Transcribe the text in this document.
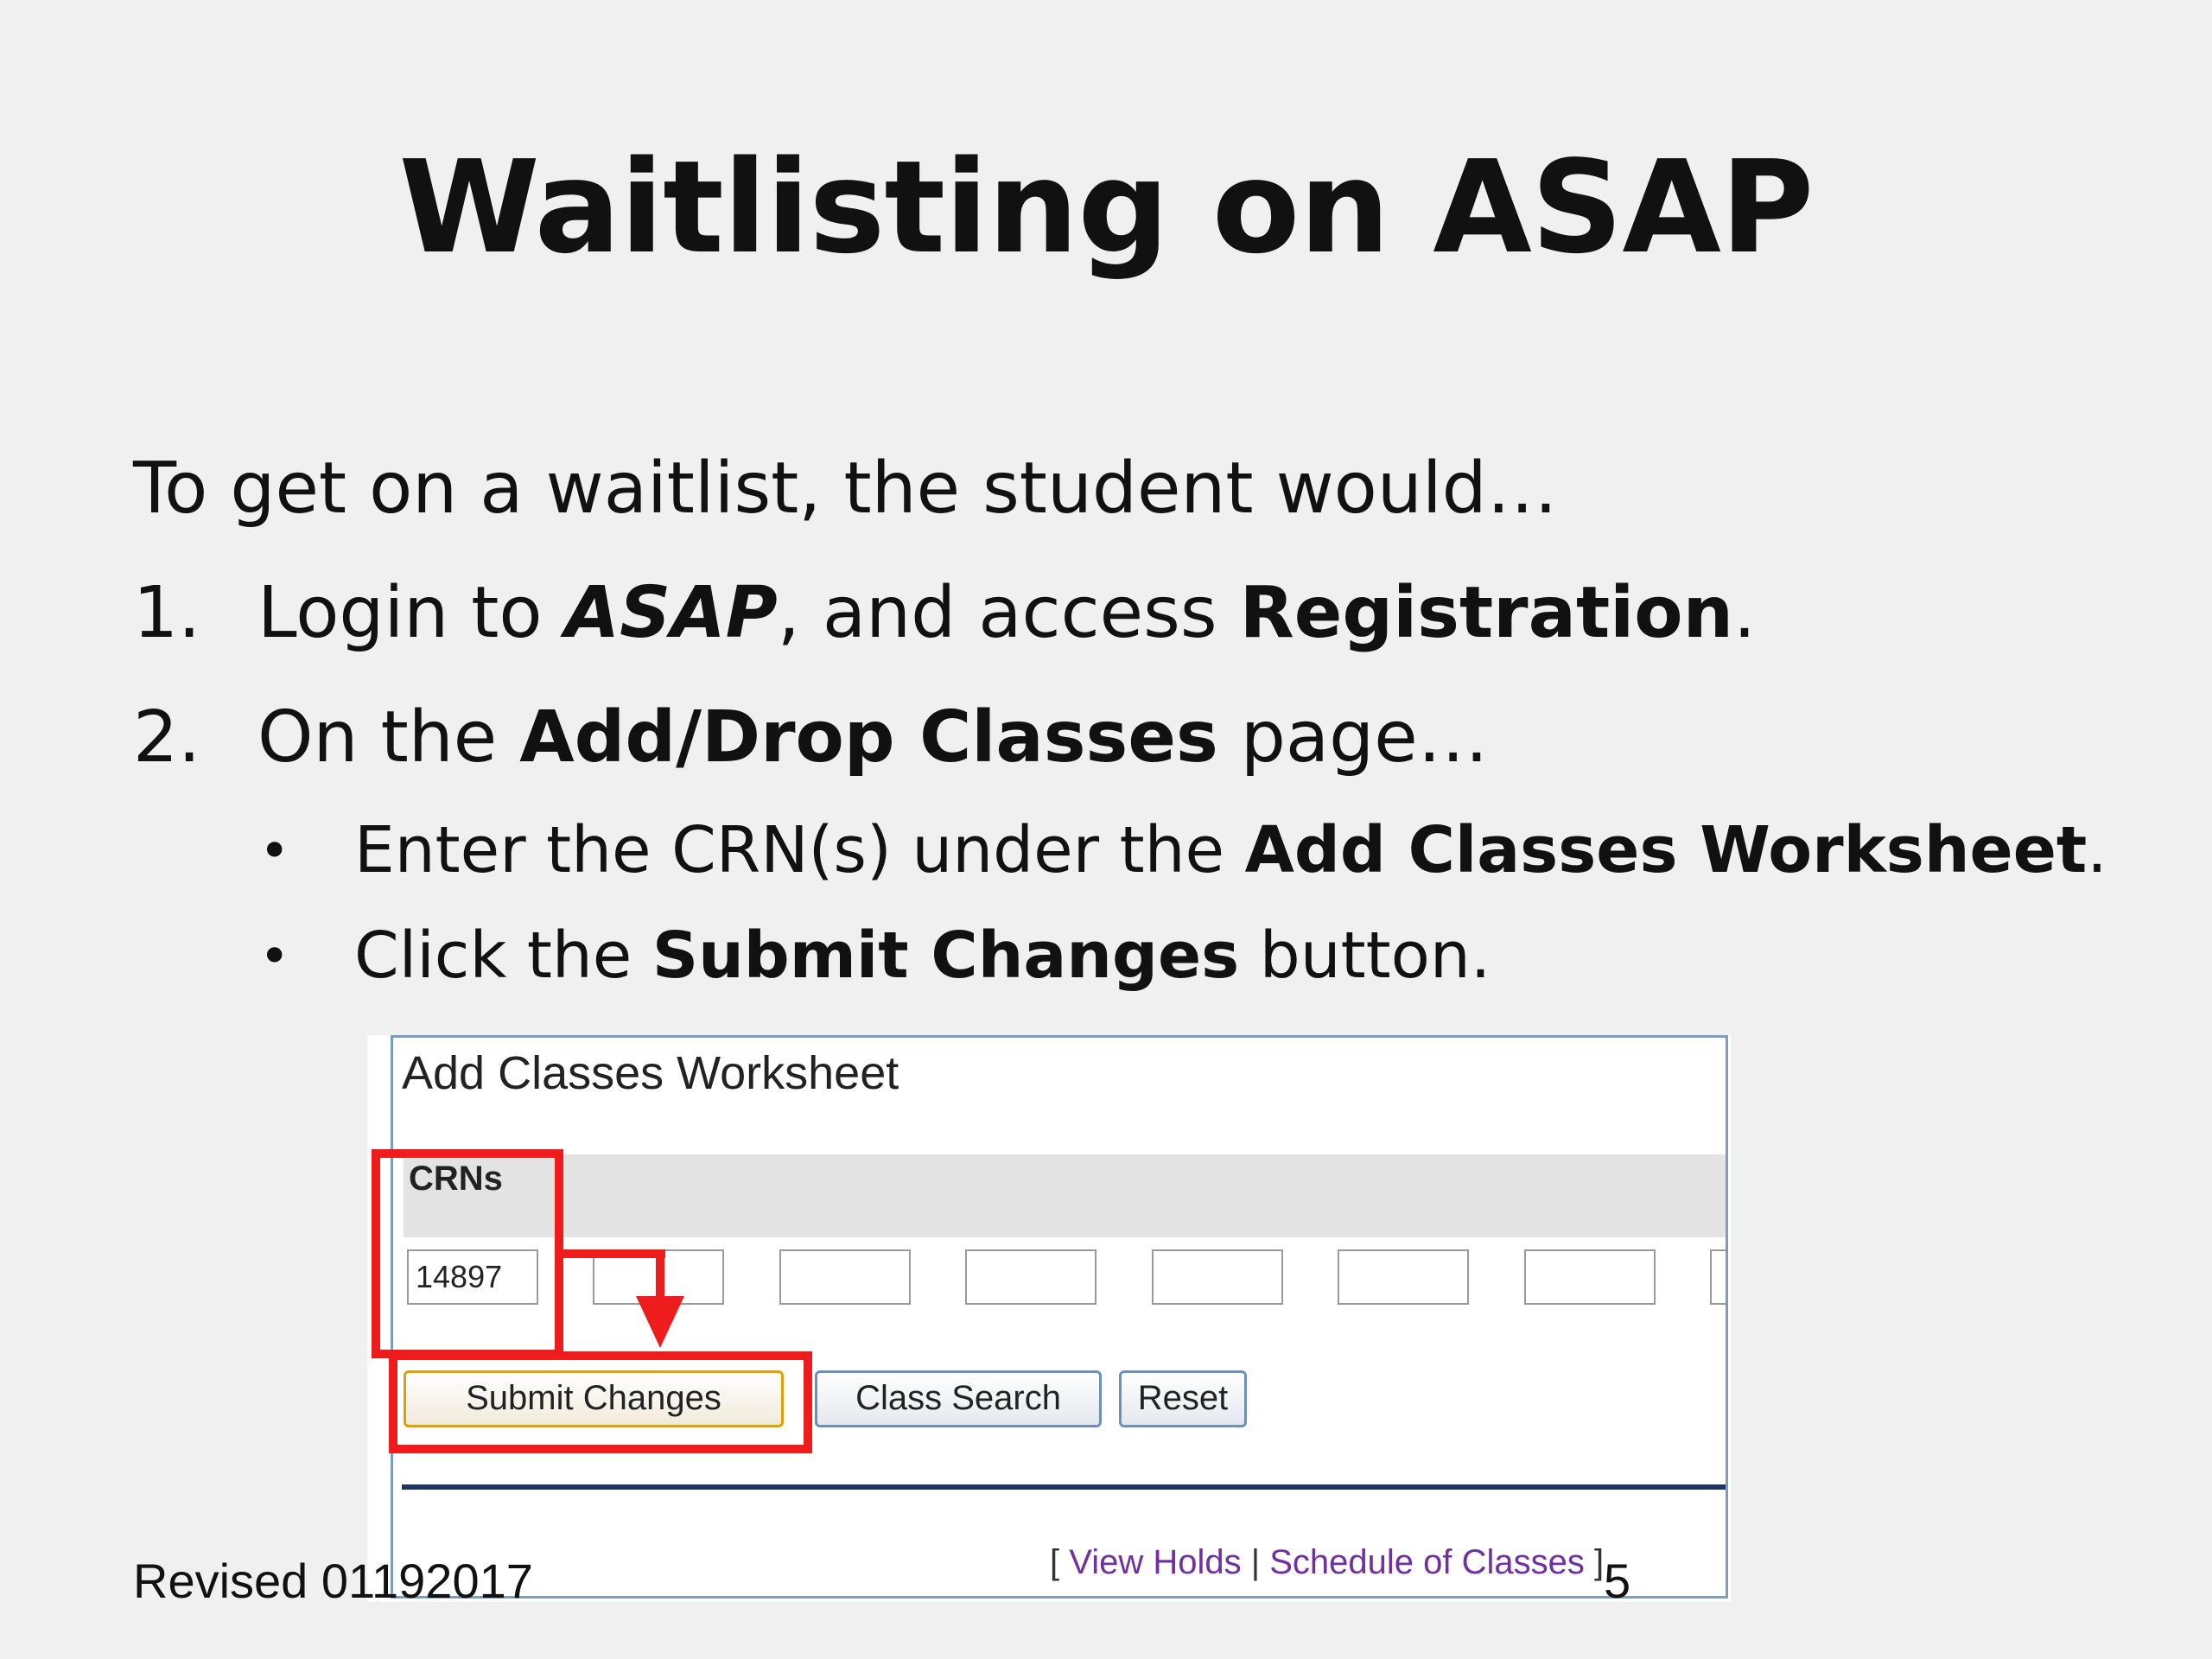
Waitlisting on ASAP
To get on a waitlist, the student would…
1. Login to ASAP, and access Registration.
2. On the Add/Drop Classes page…
• Enter the CRN(s) under the Add Classes Worksheet.
• Click the Submit Changes button.
Add Classes Worksheet
CRNs
14897
Submit Changes	Class Search	Reset
[ View Holds | Schedule of Classes ]
Revised 01192017	5
